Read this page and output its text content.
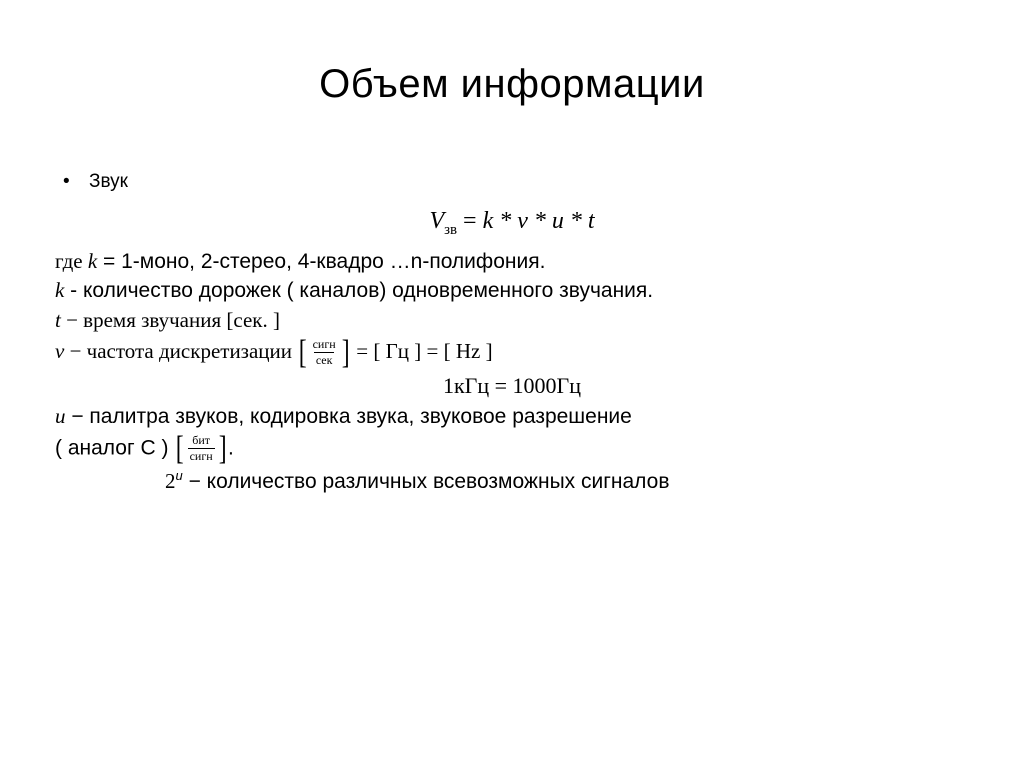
Объем информации
•	Звук
$V_{зв} = k * v * u * t$
где k = 1-моно, 2-стерео, 4-квадро …n-полифония.
k - количество дорожек ( каналов) одновременного звучания.
t − время звучания [сек. ]
v − частота дискретизации [ $\frac{\text{сигн}}{\text{сек}}$ ] = [ Гц ] = [ Hz ]
1кГц = 1000Гц
u − палитра звуков, кодировка звука, звуковое разрешение
( аналог C ) [ $\frac{\text{бит}}{\text{сигн}}$ ] .
$2^u$ − количество различных всевозможных сигналов
